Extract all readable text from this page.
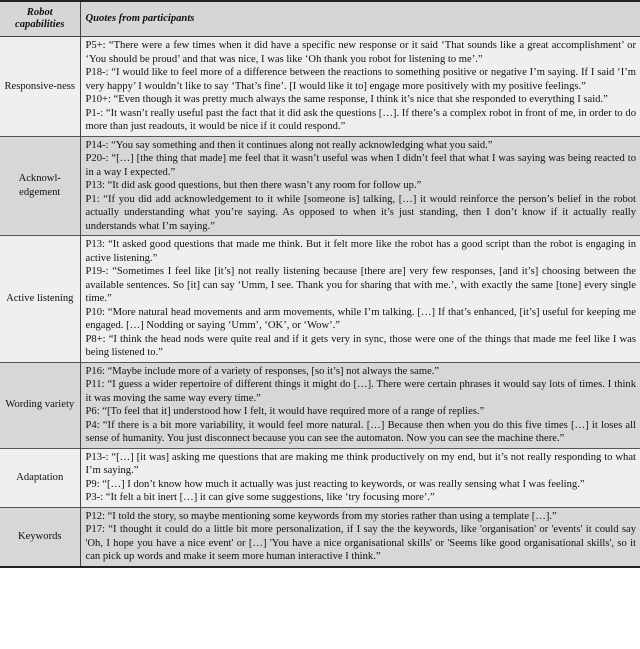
Robot capabilities	Quotes from participants
Responsive-ness	P5+: “There were a few times when it did have a specific new response or it said ‘That sounds like a great accomplishment’ or ‘You should be proud’ and that was nice, I was like ‘Oh thank you robot for listening to me’.”

P18-: “I would like to feel more of a difference between the reactions to something positive or negative I’m saying. If I said ‘I’m very happy’ I wouldn’t like to say ‘That’s fine’. [I would like it to] engage more positively with my positive feelings.”

P10+: “Even though it was pretty much always the same response, I think it’s nice that she responded to everything I said.”

P1-: “It wasn’t really useful past the fact that it did ask the questions […]. If there’s a complex robot in front of me, in order to do more than just readouts, it would be nice if it could respond.”

Acknowl-edgement	P14-: “You say something and then it continues along not really acknowledging what you said.”

P20-: “[…] [the thing that made] me feel that it wasn’t useful was when I didn’t feel that what I was saying was being reacted to in a way I expected.”

P13: “It did ask good questions, but then there wasn’t any room for follow up.”

P1: “If you did add acknowledgement to it while [someone is] talking, […] it would reinforce the person’s belief in the robot actually understanding what you’re saying. As opposed to when it’s just standing, then I don’t know if it actually really understands what I’m saying.”

Active listening	P13: “It asked good questions that made me think. But it felt more like the robot has a good script than the robot is engaging in active listening.”

P19-: “Sometimes I feel like [it’s] not really listening because [there are] very few responses, [and it’s] choosing between the available sentences. So [it] can say ‘Umm, I see. Thank you for sharing that with me.’, with exactly the same [tone] every single time.”

P10: “More natural head movements and arm movements, while I’m talking. […] If that’s enhanced, [it’s] useful for keeping me engaged. […] Nodding or saying ‘Umm’, ‘OK’, or ‘Wow’.”

P8+: “I think the head nods were quite real and if it gets very in sync, those were one of the things that made me feel like I was being listened to.”

Wording variety	P16: “Maybe include more of a variety of responses, [so it’s] not always the same.”

P11: “I guess a wider repertoire of different things it might do […]. There were certain phrases it would say lots of times. I think it was moving the same way every time.”

P6: “[To feel that it] understood how I felt, it would have required more of a range of replies.”

P4: “If there is a bit more variability, it would feel more natural. […] Because then when you do this five times […] it loses all sense of humanity. You just disconnect because you can see the automaton. Now you can see the machine there.”

Adaptation	P13-: “[…] [it was] asking me questions that are making me think productively on my end, but it’s not really responding to what I’m saying.”

P9: “[…] I don’t know how much it actually was just reacting to keywords, or was really sensing what I was feeling.”

P3-: “It felt a bit inert […] it can give some suggestions, like ‘try focusing more’.”

Keywords	P12: “I told the story, so maybe mentioning some keywords from my stories rather than using a template […].”

P17: “I thought it could do a little bit more personalization, if I say the the keywords, like 'organisation' or 'events' it could say 'Oh, I hope you have a nice event' or […] 'You have a nice organisational skills' or 'Seems like good organisational skills', so it can pick up words and make it seem more human interactive I think.”
